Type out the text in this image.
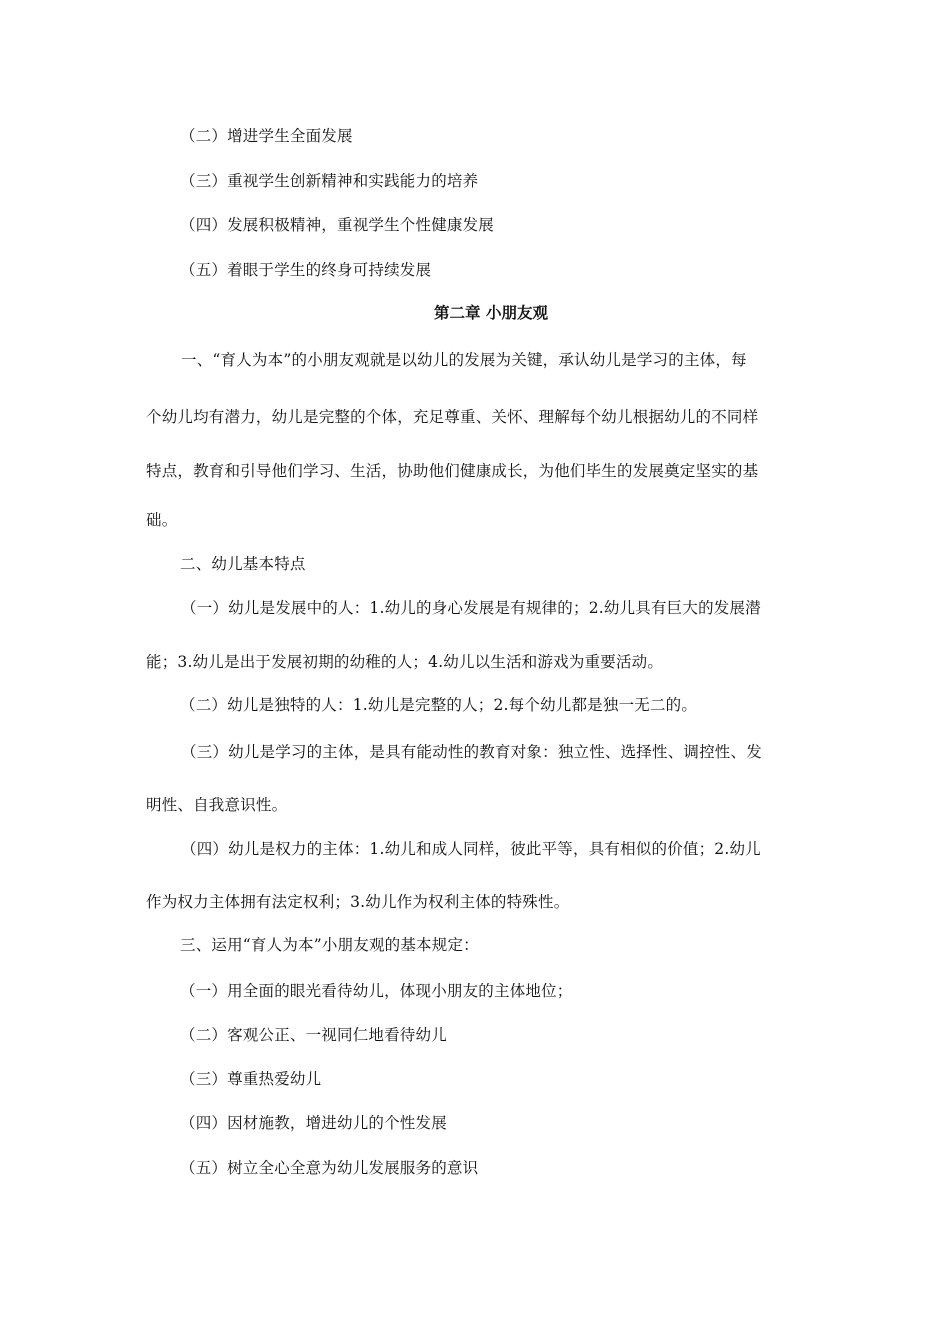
（二）增进学生全面发展
（三）重视学生创新精神和实践能力的培养
（四）发展积极精神，重视学生个性健康发展
（五）着眼于学生的终身可持续发展
第二章 小朋友观
一、“育人为本”的小朋友观就是以幼儿的发展为关键，承认幼儿是学习的主体，每
个幼儿均有潜力，幼儿是完整的个体，充足尊重、关怀、理解每个幼儿根据幼儿的不同样
特点，教育和引导他们学习、生活，协助他们健康成长，为他们毕生的发展奠定坚实的基
础。
二、幼儿基本特点
（一）幼儿是发展中的人：1.幼儿的身心发展是有规律的；2.幼儿具有巨大的发展潜
能；3.幼儿是出于发展初期的幼稚的人；4.幼儿以生活和游戏为重要活动。
（二）幼儿是独特的人：1.幼儿是完整的人；2.每个幼儿都是独一无二的。
（三）幼儿是学习的主体，是具有能动性的教育对象：独立性、选择性、调控性、发
明性、自我意识性。
（四）幼儿是权力的主体：1.幼儿和成人同样，彼此平等，具有相似的价值；2.幼儿
作为权力主体拥有法定权利；3.幼儿作为权利主体的特殊性。
三、运用“育人为本”小朋友观的基本规定：
（一）用全面的眼光看待幼儿，体现小朋友的主体地位；
（二）客观公正、一视同仁地看待幼儿
（三）尊重热爱幼儿
（四）因材施教，增进幼儿的个性发展
（五）树立全心全意为幼儿发展服务的意识
